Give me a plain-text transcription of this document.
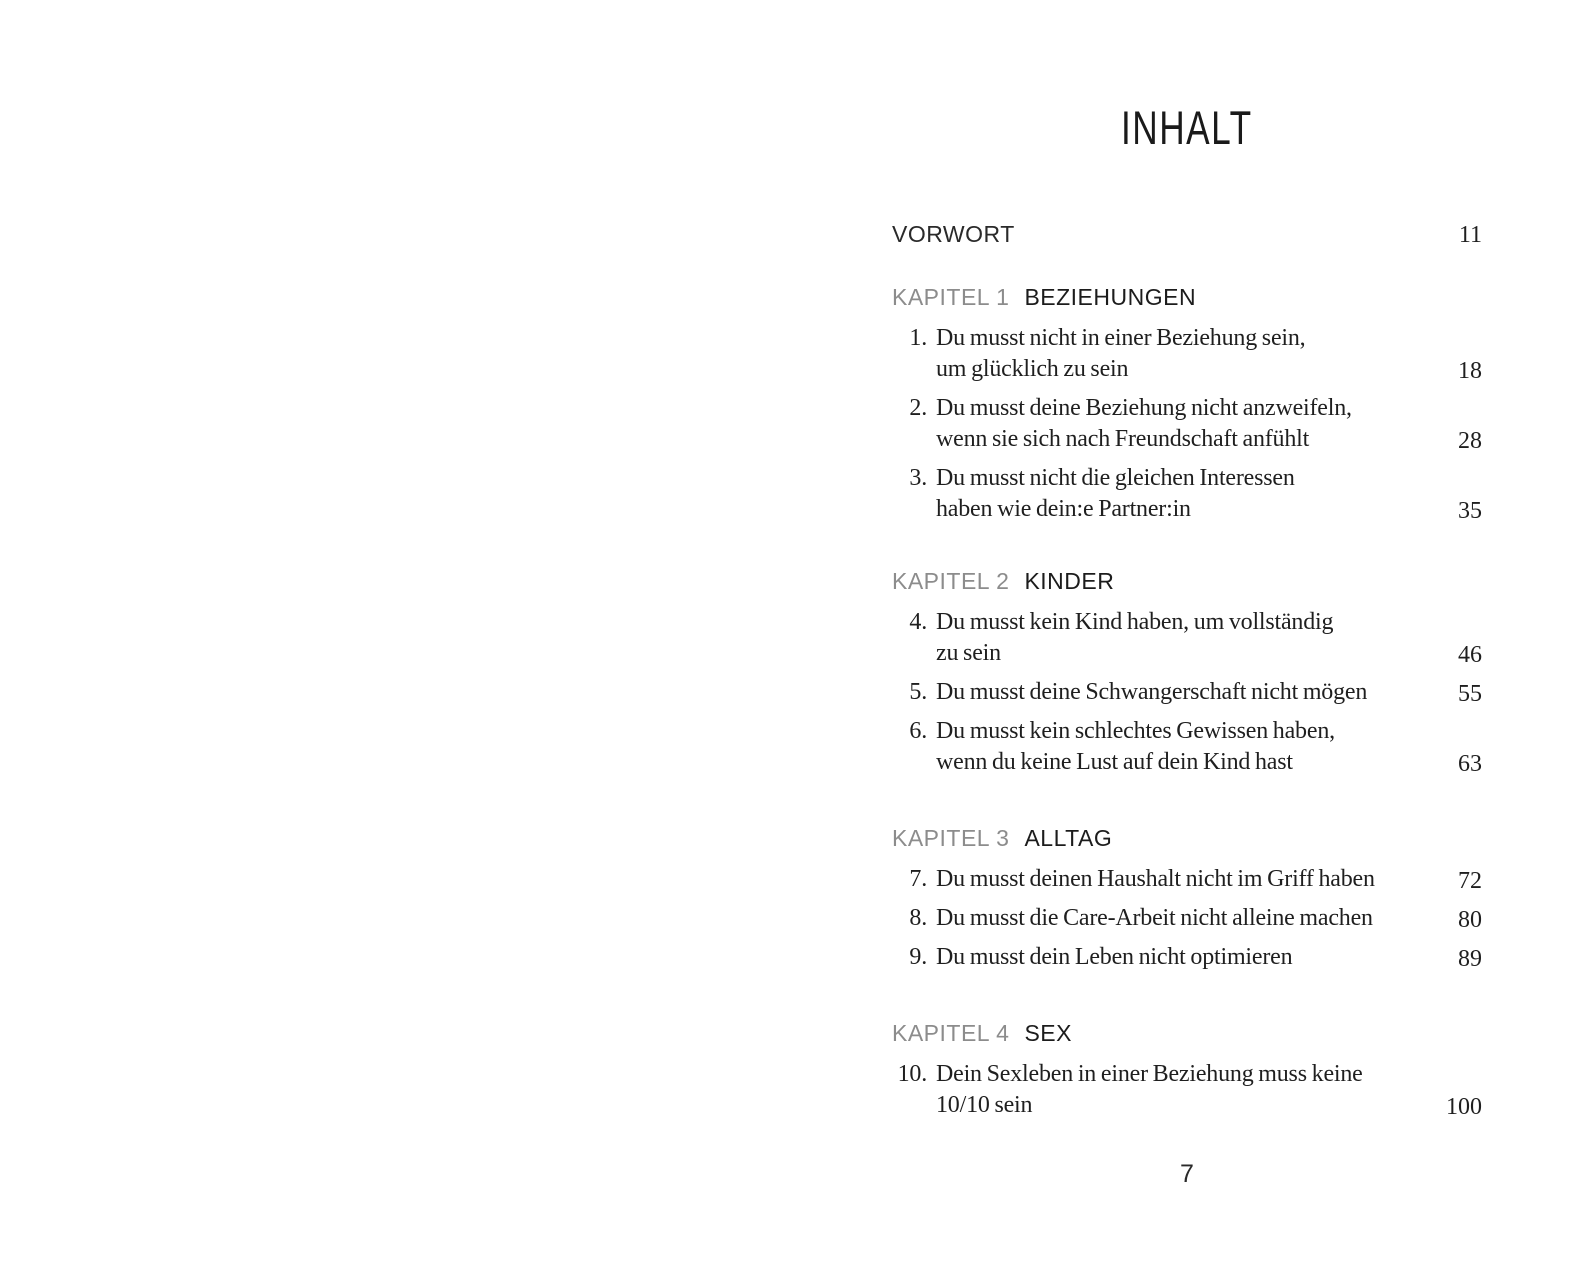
INHALT
VORWORT	11
KAPITEL 1 BEZIEHUNGEN
1. Du musst nicht in einer Beziehung sein,
um glücklich zu sein	18
2. Du musst deine Beziehung nicht anzweifeln,
wenn sie sich nach Freundschaft anfühlt	28
3. Du musst nicht die gleichen Interessen
haben wie dein:e Partner:in	35
KAPITEL 2 KINDER
4. Du musst kein Kind haben, um vollständig
zu sein	46
5. Du musst deine Schwangerschaft nicht mögen	55
6. Du musst kein schlechtes Gewissen haben,
wenn du keine Lust auf dein Kind hast	63
KAPITEL 3 ALLTAG
7. Du musst deinen Haushalt nicht im Griff haben	72
8. Du musst die Care-Arbeit nicht alleine machen	80
9. Du musst dein Leben nicht optimieren	89
KAPITEL 4 SEX
10. Dein Sexleben in einer Beziehung muss keine
10/10 sein	100
7
